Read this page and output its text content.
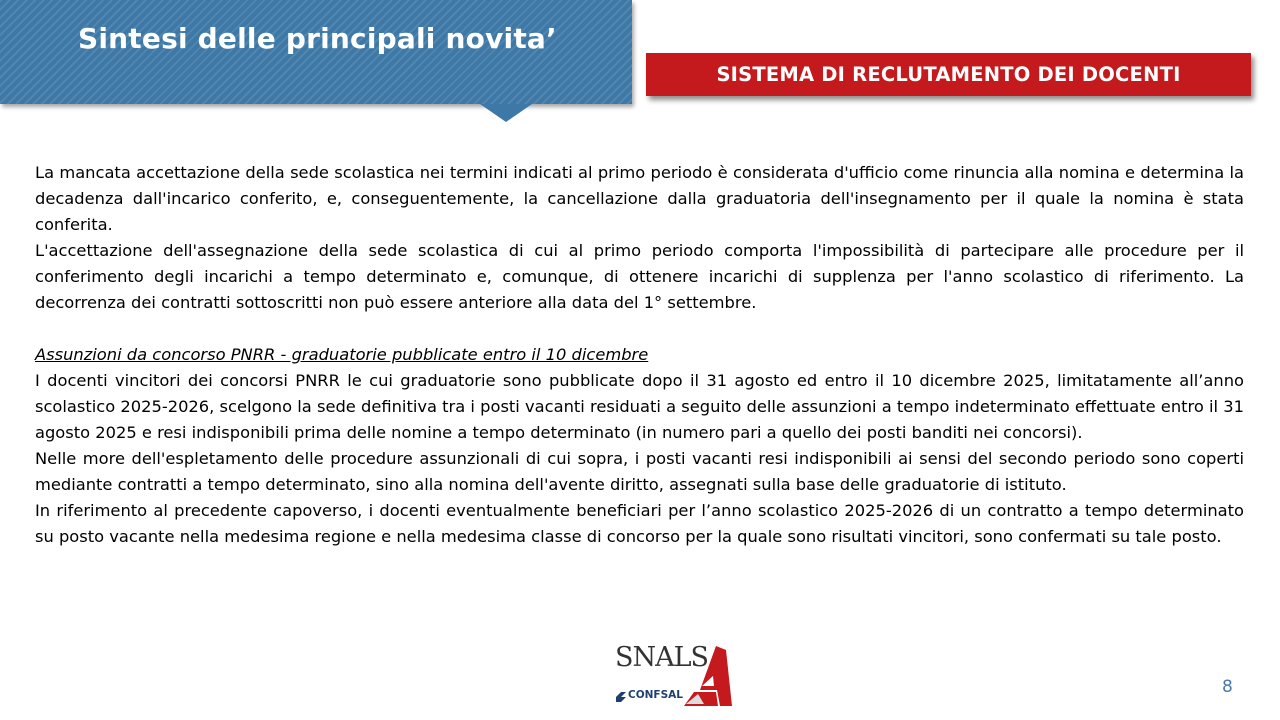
Sintesi delle principali novita’
SISTEMA DI RECLUTAMENTO DEI DOCENTI

La mancata accettazione della sede scolastica nei termini indicati al primo periodo è considerata d'ufficio come rinuncia alla nomina e determina la decadenza dall'incarico conferito, e, conseguentemente, la cancellazione dalla graduatoria dell'insegnamento per il quale la nomina è stata conferita.

L'accettazione dell'assegnazione della sede scolastica di cui al primo periodo comporta l'impossibilità di partecipare alle procedure per il conferimento degli incarichi a tempo determinato e, comunque, di ottenere incarichi di supplenza per l'anno scolastico di riferimento. La decorrenza dei contratti sottoscritti non può essere anteriore alla data del 1° settembre.

Assunzioni da concorso PNRR - graduatorie pubblicate entro il 10 dicembre

I docenti vincitori dei concorsi PNRR le cui graduatorie sono pubblicate dopo il 31 agosto ed entro il 10 dicembre 2025, limitatamente all’anno scolastico 2025-2026, scelgono la sede definitiva tra i posti vacanti residuati a seguito delle assunzioni a tempo indeterminato effettuate entro il 31 agosto 2025 e resi indisponibili prima delle nomine a tempo determinato (in numero pari a quello dei posti banditi nei concorsi).

Nelle more dell'espletamento delle procedure assunzionali di cui sopra, i posti vacanti resi indisponibili ai sensi del secondo periodo sono coperti mediante contratti a tempo determinato, sino alla nomina dell'avente diritto, assegnati sulla base delle graduatorie di istituto.

In riferimento al precedente capoverso, i docenti eventualmente beneficiari per l’anno scolastico 2025-2026 di un contratto a tempo determinato su posto vacante nella medesima regione e nella medesima classe di concorso per la quale sono risultati vincitori, sono confermati su tale posto.

SNALS
CONFSAL	8
